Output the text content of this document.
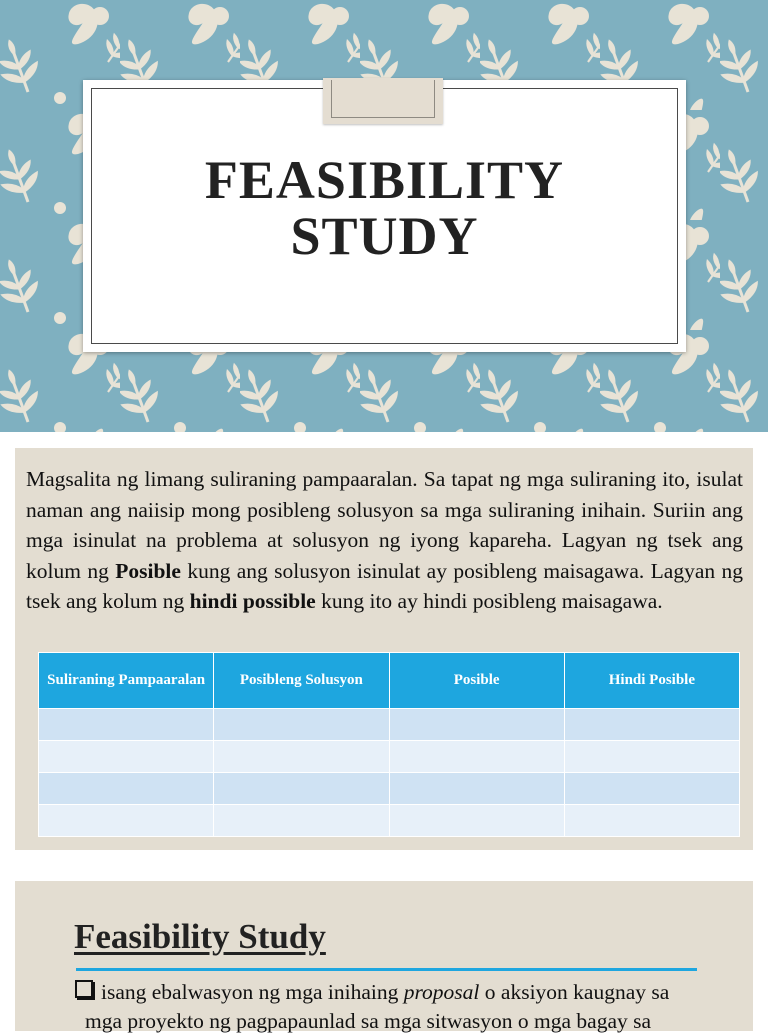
FEASIBILITY
STUDY
Magsalita ng limang suliraning pampaaralan. Sa tapat ng mga suliraning ito, isulat naman ang naiisip mong posibleng solusyon sa mga suliraning inihain. Suriin ang mga isinulat na problema at solusyon ng iyong kapareha. Lagyan ng tsek ang kolum ng Posible kung ang solusyon isinulat ay posibleng maisagawa. Lagyan ng tsek ang kolum ng hindi possible kung ito ay hindi posibleng maisagawa.
Suliraning Pampaaralan	Posibleng Solusyon	Posible	Hindi Posible

Feasibility Study
isang ebalwasyon ng mga inihaing proposal o aksiyon kaugnay sa
mga proyekto ng pagpapaunlad sa mga sitwasyon o mga bagay sa
